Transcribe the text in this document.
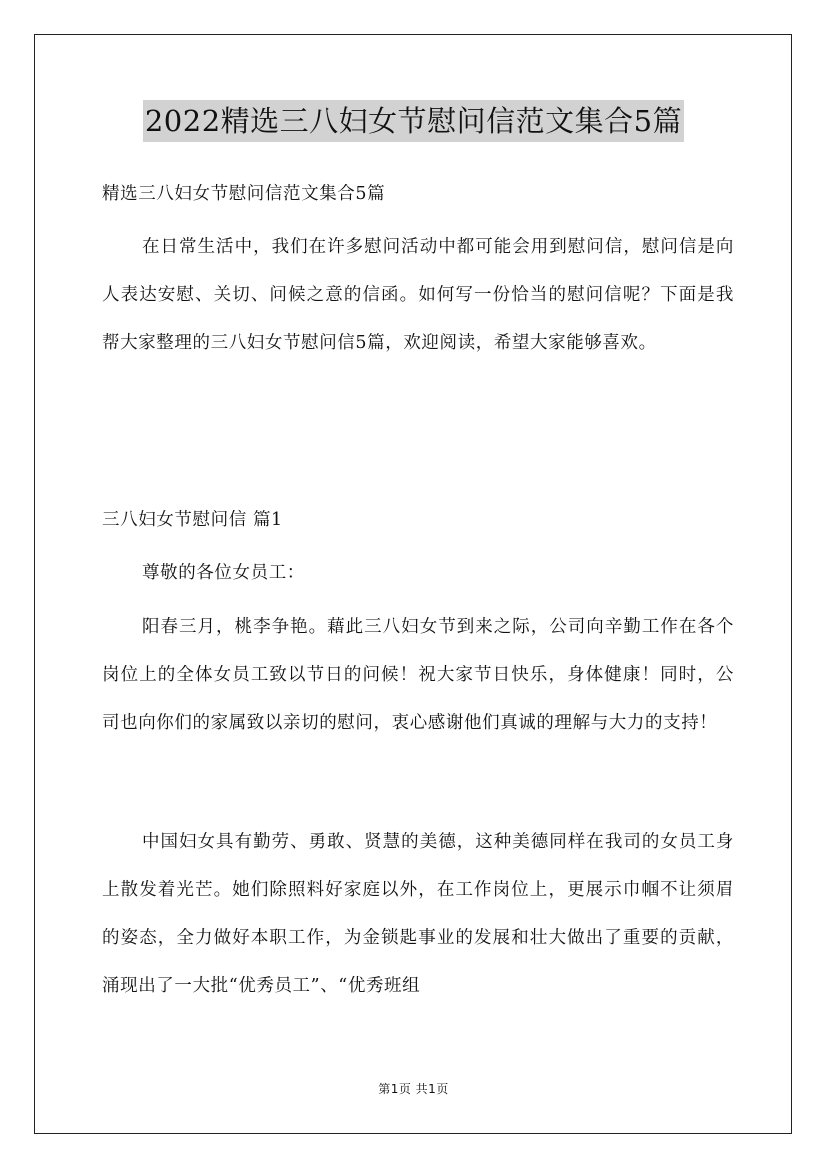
2022精选三八妇女节慰问信范文集合5篇
精选三八妇女节慰问信范文集合5篇
在日常生活中，我们在许多慰问活动中都可能会用到慰问信，慰问信是向人表达安慰、关切、问候之意的信函。如何写一份恰当的慰问信呢？下面是我帮大家整理的三八妇女节慰问信5篇，欢迎阅读，希望大家能够喜欢。
三八妇女节慰问信 篇1
尊敬的各位女员工：
阳春三月，桃李争艳。藉此三八妇女节到来之际，公司向辛勤工作在各个岗位上的全体女员工致以节日的问候！祝大家节日快乐，身体健康！同时，公司也向你们的家属致以亲切的慰问，衷心感谢他们真诚的理解与大力的支持！
中国妇女具有勤劳、勇敢、贤慧的美德，这种美德同样在我司的女员工身上散发着光芒。她们除照料好家庭以外，在工作岗位上，更展示巾帼不让须眉的姿态，全力做好本职工作，为金锁匙事业的发展和壮大做出了重要的贡献，涌现出了一大批“优秀员工”、“优秀班组
第1页 共1页
